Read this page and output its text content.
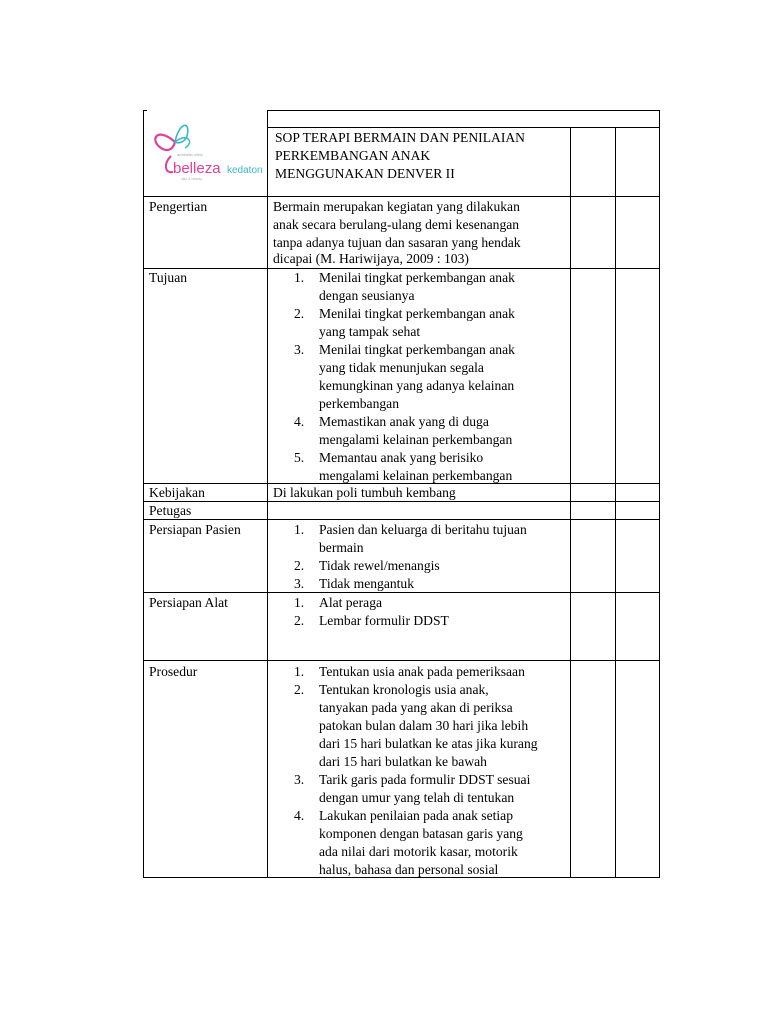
belleza kedaton
aesthetic clinic
skin & beauty
SOP TERAPI BERMAIN DAN PENILAIAN
PERKEMBANGAN ANAK
MENGGUNAKAN DENVER II
Pengertian	Bermain merupakan kegiatan yang dilakukan
anak secara berulang-ulang demi kesenangan
tanpa adanya tujuan dan sasaran yang hendak
dicapai (M. Hariwijaya, 2009 : 103)
Tujuan	1. Menilai tingkat perkembangan anak
dengan seusianya
2. Menilai tingkat perkembangan anak
yang tampak sehat
3. Menilai tingkat perkembangan anak
yang tidak menunjukan segala
kemungkinan yang adanya kelainan
perkembangan
4. Memastikan anak yang di duga
mengalami kelainan perkembangan
5. Memantau anak yang berisiko
mengalami kelainan perkembangan
Kebijakan	Di lakukan poli tumbuh kembang
Petugas
Persiapan Pasien	1. Pasien dan keluarga di beritahu tujuan
bermain
2. Tidak rewel/menangis
3. Tidak mengantuk
Persiapan Alat	1. Alat peraga
2. Lembar formulir DDST
Prosedur	1. Tentukan usia anak pada pemeriksaan
2. Tentukan kronologis usia anak,
tanyakan pada yang akan di periksa
patokan bulan dalam 30 hari jika lebih
dari 15 hari bulatkan ke atas jika kurang
dari 15 hari bulatkan ke bawah
3. Tarik garis pada formulir DDST sesuai
dengan umur yang telah di tentukan
4. Lakukan penilaian pada anak setiap
komponen dengan batasan garis yang
ada nilai dari motorik kasar, motorik
halus, bahasa dan personal sosial
